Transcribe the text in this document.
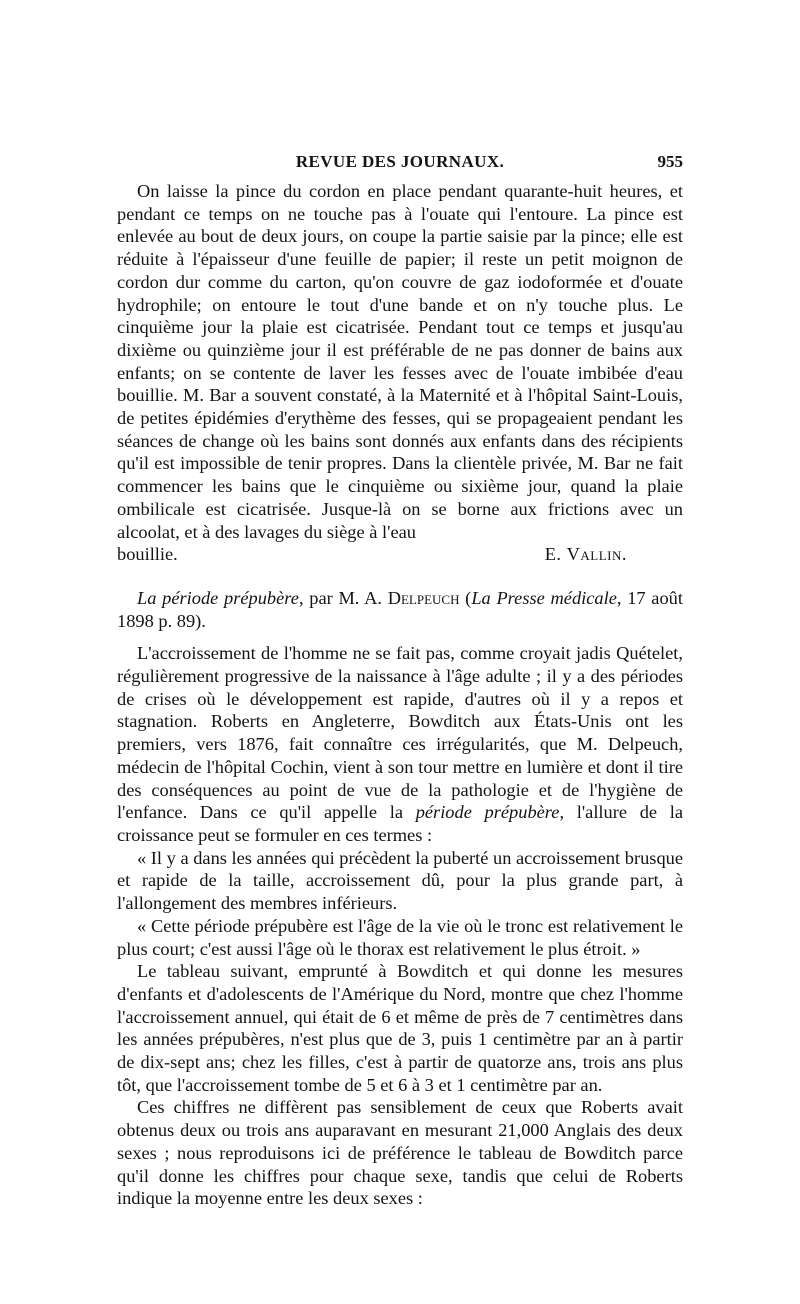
REVUE DES JOURNAUX.	955

On laisse la pince du cordon en place pendant quarante-huit heures, et pendant ce temps on ne touche pas à l'ouate qui l'entoure. La pince est enlevée au bout de deux jours, on coupe la partie saisie par la pince; elle est réduite à l'épaisseur d'une feuille de papier; il reste un petit moignon de cordon dur comme du carton, qu'on couvre de gaz iodoformée et d'ouate hydrophile; on entoure le tout d'une bande et on n'y touche plus. Le cinquième jour la plaie est cicatrisée. Pendant tout ce temps et jusqu'au dixième ou quinzième jour il est préférable de ne pas donner de bains aux enfants; on se contente de laver les fesses avec de l'ouate imbibée d'eau bouillie. M. Bar a souvent constaté, à la Maternité et à l'hôpital Saint-Louis, de petites épidémies d'erythème des fesses, qui se propageaient pendant les séances de change où les bains sont donnés aux enfants dans des récipients qu'il est impossible de tenir propres. Dans la clientèle privée, M. Bar ne fait commencer les bains que le cinquième ou sixième jour, quand la plaie ombilicale est cicatrisée. Jusque-là on se borne aux frictions avec un alcoolat, et à des lavages du siège à l'eau

bouillie.	E. Vallin.

La période prépubère, par M. A. Delpeuch (La Presse médicale, 17 août 1898 p. 89).

L'accroissement de l'homme ne se fait pas, comme croyait jadis Quételet, régulièrement progressive de la naissance à l'âge adulte ; il y a des périodes de crises où le développement est rapide, d'autres où il y a repos et stagnation. Roberts en Angleterre, Bowditch aux États-Unis ont les premiers, vers 1876, fait connaître ces irrégularités, que M. Delpeuch, médecin de l'hôpital Cochin, vient à son tour mettre en lumière et dont il tire des conséquences au point de vue de la pathologie et de l'hygiène de l'enfance. Dans ce qu'il appelle la période prépubère, l'allure de la croissance peut se formuler en ces termes :

« Il y a dans les années qui précèdent la puberté un accroissement brusque et rapide de la taille, accroissement dû, pour la plus grande part, à l'allongement des membres inférieurs.

« Cette période prépubère est l'âge de la vie où le tronc est relativement le plus court; c'est aussi l'âge où le thorax est relativement le plus étroit. »

Le tableau suivant, emprunté à Bowditch et qui donne les mesures d'enfants et d'adolescents de l'Amérique du Nord, montre que chez l'homme l'accroissement annuel, qui était de 6 et même de près de 7 centimètres dans les années prépubères, n'est plus que de 3, puis 1 centimètre par an à partir de dix-sept ans; chez les filles, c'est à partir de quatorze ans, trois ans plus tôt, que l'accroissement tombe de 5 et 6 à 3 et 1 centimètre par an.

Ces chiffres ne diffèrent pas sensiblement de ceux que Roberts avait obtenus deux ou trois ans auparavant en mesurant 21,000 Anglais des deux sexes ; nous reproduisons ici de préférence le tableau de Bowditch parce qu'il donne les chiffres pour chaque sexe, tandis que celui de Roberts indique la moyenne entre les deux sexes :
